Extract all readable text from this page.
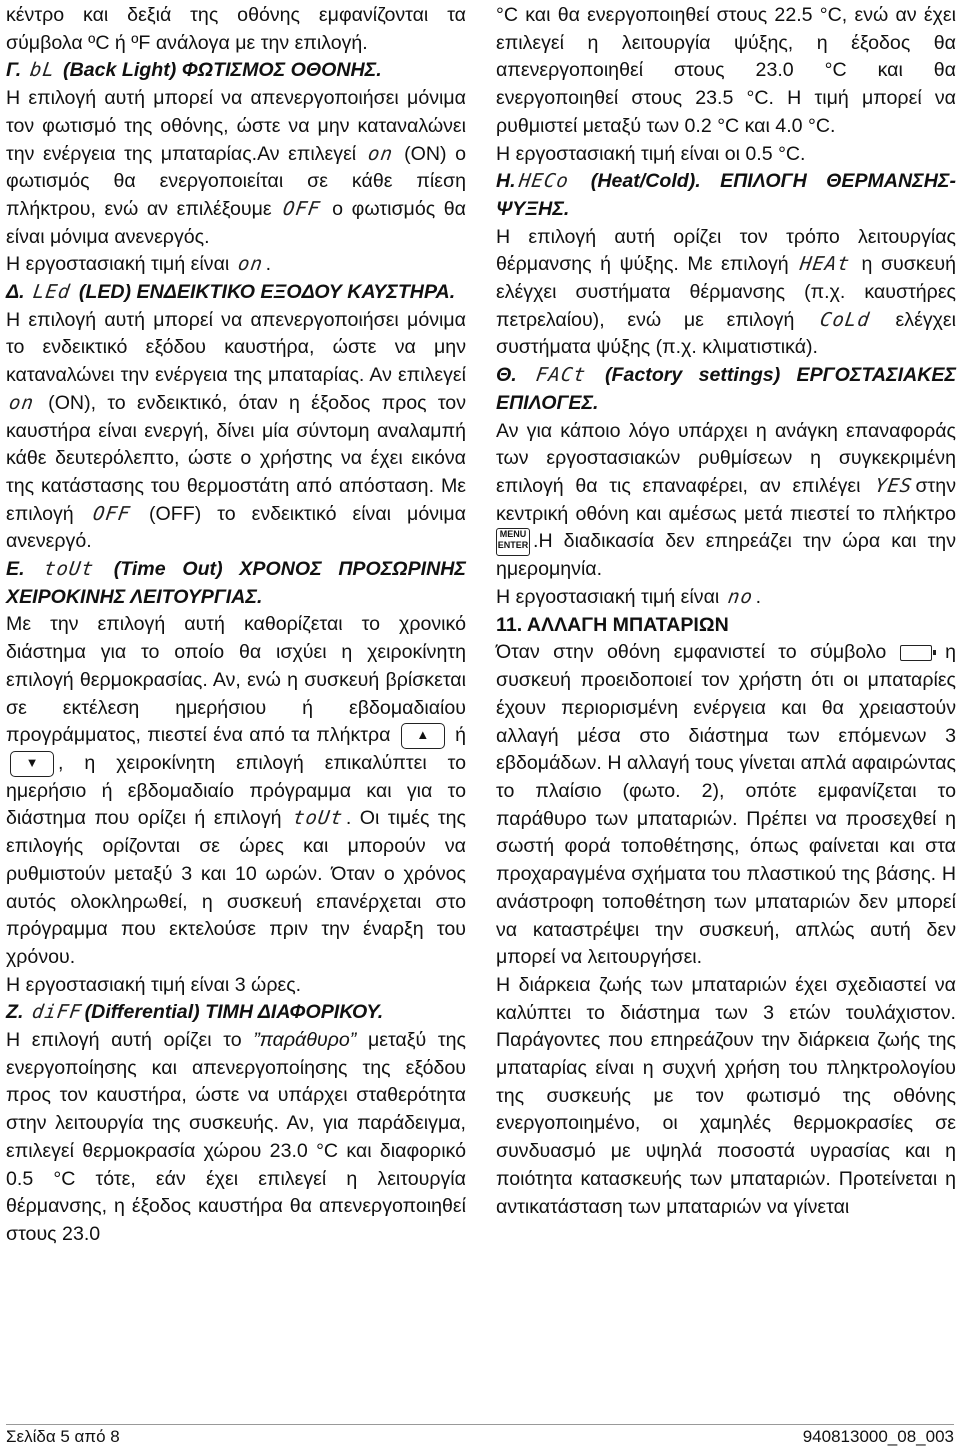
κέντρο και δεξιά της οθόνης εμφανίζονται τα σύμβολα ºC ή ºF ανάλογα με την επιλογή.

Γ. bL (Back Light) ΦΩΤΙΣΜΟΣ ΟΘΟΝΗΣ.

Η επιλογή αυτή μπορεί να απενεργοποιήσει μόνιμα τον φωτισμό της οθόνης, ώστε να μην καταναλώνει την ενέργεια της μπαταρίας.Αν επιλεγεί on (ON) ο φωτισμός θα ενεργοποιείται σε κάθε πίεση πλήκτρου, ενώ αν επιλέξουμε OFF ο φωτισμός θα είναι μόνιμα ανενεργός.

Η εργοστασιακή τιμή είναι on.

Δ. LEd (LED) ΕΝΔΕΙΚΤΙΚΟ ΕΞΟΔΟΥ ΚΑΥΣΤΗΡΑ.

Η επιλογή αυτή μπορεί να απενεργοποιήσει μόνιμα το ενδεικτικό εξόδου καυστήρα, ώστε να μην καταναλώνει την ενέργεια της μπαταρίας. Αν επιλεγεί on (ON), το ενδεικτικό, όταν η έξοδος προς τον καυστήρα είναι ενεργή, δίνει μία σύντομη αναλαμπή κάθε δευτερόλεπτο, ώστε ο χρήστης να έχει εικόνα της κατάστασης του θερμοστάτη από απόσταση. Με επιλογή OFF (OFF) το ενδεικτικό είναι μόνιμα ανενεργό.

Ε. toUt (Time Out) ΧΡΟΝΟΣ ΠΡΟΣΩΡΙΝΗΣ ΧΕΙΡΟΚΙΝΗΣ ΛΕΙΤΟΥΡΓΙΑΣ.

Με την επιλογή αυτή καθορίζεται το χρονικό διάστημα για το οποίο θα ισχύει η χειροκίνητη επιλογή θερμοκρασίας. Αν, ενώ η συσκευή βρίσκεται σε εκτέλεση ημερήσιου ή εβδομαδιαίου προγράμματος, πιεστεί ένα από τα πλήκτρα ▲ ή ▼ , η χειροκίνητη επιλογή επικαλύπτει το ημερήσιο ή εβδομαδιαίο πρόγραμμα και για το διάστημα που ορίζει ή επιλογή toUt. Οι τιμές της επιλογής ορίζονται σε ώρες και μπορούν να ρυθμιστούν μεταξύ 3 και 10 ωρών. Όταν ο χρόνος αυτός ολοκληρωθεί, η συσκευή επανέρχεται στο πρόγραμμα που εκτελούσε πριν την έναρξη του χρόνου.

Η εργοστασιακή τιμή είναι 3 ώρες.

Ζ. diFF(Differential) ΤΙΜΗ ΔΙΑΦΟΡΙΚΟΥ.

Η επιλογή αυτή ορίζει το ”παράθυρο” μεταξύ της ενεργοποίησης και απενεργοποίησης της εξόδου προς τον καυστήρα, ώστε να υπάρχει σταθερότητα στην λειτουργία της συσκευής. Αν, για παράδειγμα, επιλεγεί θερμοκρασία χώρου 23.0 °C και διαφορικό 0.5 °C τότε, εάν έχει επιλεγεί η λειτουργία θέρμανσης, η έξοδος καυστήρα θα απενεργοποιηθεί στους 23.0

°C και θα ενεργοποιηθεί στους 22.5 °C, ενώ αν έχει επιλεγεί η λειτουργία ψύξης, η έξοδος θα απενεργοποιηθεί στους 23.0 °C και θα ενεργοποιηθεί στους 23.5 °C. Η τιμή μπορεί να ρυθμιστεί μεταξύ των 0.2 °C και 4.0 °C.

Η εργοστασιακή τιμή είναι οι 0.5 °C.

Η.HECo (Heat/Cold). ΕΠΙΛΟΓΗ ΘΕΡΜΑΝΣΗΣ-ΨΥΞΗΣ.

Η επιλογή αυτή ορίζει τον τρόπο λειτουργίας θέρμανσης ή ψύξης. Με επιλογή HEAt η συσκευή ελέγχει συστήματα θέρμανσης (π.χ. καυστήρες πετρελαίου), ενώ με επιλογή CoLd ελέγχει συστήματα ψύξης (π.χ. κλιματιστικά).

Θ. FACt (Factory settings) ΕΡΓΟΣΤΑΣΙΑΚΕΣ ΕΠΙΛΟΓΕΣ.

Αν για κάποιο λόγο υπάρχει η ανάγκη επαναφοράς των εργοστασιακών ρυθμίσεων η συγκεκριμένη επιλογή θα τις επαναφέρει, αν επιλέγει YESστην κεντρική οθόνη και αμέσως μετά πιεστεί το πλήκτρο MENU
ENTER .Η διαδικασία δεν επηρεάζει την ώρα και την ημερομηνία.

Η εργοστασιακή τιμή είναι no.

11. ΑΛΛΑΓΗ ΜΠΑΤΑΡΙΩΝ

Όταν στην οθόνη εμφανιστεί το σύμβολο	η συσκευή προειδοποιεί τον χρήστη ότι οι μπαταρίες έχουν περιορισμένη ενέργεια και θα χρειαστούν αλλαγή μέσα στο διάστημα των επόμενων 3 εβδομάδων. Η αλλαγή τους γίνεται απλά αφαιρώντας το πλαίσιο (φωτο. 2), οπότε εμφανίζεται το παράθυρο των μπαταριών. Πρέπει να προσεχθεί η σωστή φορά τοποθέτησης, όπως φαίνεται και στα προχαραγμένα σχήματα του πλαστικού της βάσης. Η ανάστροφη τοποθέτηση των μπαταριών δεν μπορεί να καταστρέψει την συσκευή, απλώς αυτή δεν μπορεί να λειτουργήσει.

Η διάρκεια ζωής των μπαταριών έχει σχεδιαστεί να καλύπτει το διάστημα των 3 ετών τουλάχιστον. Παράγοντες που επηρεάζουν την διάρκεια ζωής της μπαταρίας είναι η συχνή χρήση του πληκτρολογίου της συσκευής με τον φωτισμό της οθόνης ενεργοποιημένο, οι χαμηλές θερμοκρασίες σε συνδυασμό με υψηλά ποσοστά υγρασίας και η ποιότητα κατασκευής των μπαταριών. Προτείνεται η αντικατάσταση των μπαταριών να γίνεται

Σελίδα 5 από 8	940813000_08_003
